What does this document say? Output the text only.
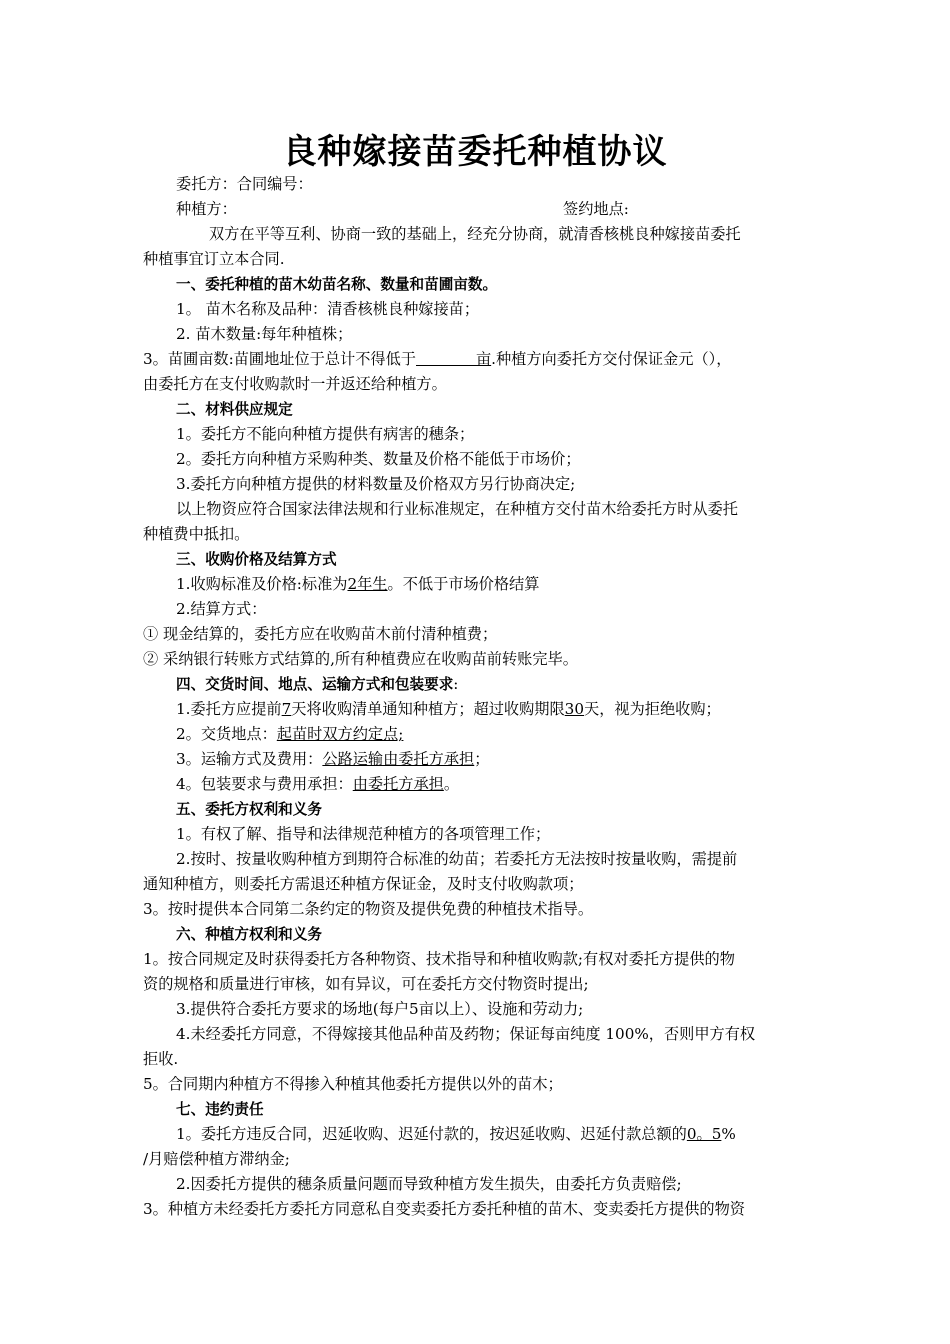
良种嫁接苗委托种植协议
委托方：合同编号：
种植方：	签约地点:
双方在平等互利、协商一致的基础上，经充分协商，就清香核桃良种嫁接苗委托
种植事宜订立本合同.
一、委托种植的苗木幼苗名称、数量和苗圃亩数。
1。 苗木名称及品种：清香核桃良种嫁接苗；
2. 苗木数量:每年种植株；
3。苗圃亩数:苗圃地址位于总计不得低于	亩.种植方向委托方交付保证金元（），
由委托方在支付收购款时一并返还给种植方。
二、材料供应规定
1。委托方不能向种植方提供有病害的穗条；
2。委托方向种植方采购种类、数量及价格不能低于市场价；
3.委托方向种植方提供的材料数量及价格双方另行协商决定;
以上物资应符合国家法律法规和行业标准规定，在种植方交付苗木给委托方时从委托
种植费中抵扣。
三、收购价格及结算方式
1.收购标准及价格:标准为2年生。不低于市场价格结算
2.结算方式：
① 现金结算的，委托方应在收购苗木前付清种植费；
② 采纳银行转账方式结算的,所有种植费应在收购苗前转账完毕。
四、交货时间、地点、运输方式和包装要求:
1.委托方应提前7天将收购清单通知种植方；超过收购期限30天，视为拒绝收购；
2。交货地点：起苗时双方约定点;
3。运输方式及费用：公路运输由委托方承担；
4。包装要求与费用承担：由委托方承担。
五、委托方权利和义务
1。有权了解、指导和法律规范种植方的各项管理工作；
2.按时、按量收购种植方到期符合标准的幼苗；若委托方无法按时按量收购，需提前
通知种植方，则委托方需退还种植方保证金，及时支付收购款项；
3。按时提供本合同第二条约定的物资及提供免费的种植技术指导。
六、种植方权利和义务
1。按合同规定及时获得委托方各种物资、技术指导和种植收购款;有权对委托方提供的物
资的规格和质量进行审核，如有异议，可在委托方交付物资时提出;
3.提供符合委托方要求的场地(每户5亩以上）、设施和劳动力;
4.未经委托方同意，不得嫁接其他品种苗及药物；保证每亩纯度 100%，否则甲方有权
拒收.
5。合同期内种植方不得掺入种植其他委托方提供以外的苗木；
七、违约责任
1。委托方违反合同，迟延收购、迟延付款的，按迟延收购、迟延付款总额的0。5%
/月赔偿种植方滞纳金;
2.因委托方提供的穗条质量问题而导致种植方发生损失，由委托方负责赔偿;
3。种植方未经委托方委托方同意私自变卖委托方委托种植的苗木、变卖委托方提供的物资
